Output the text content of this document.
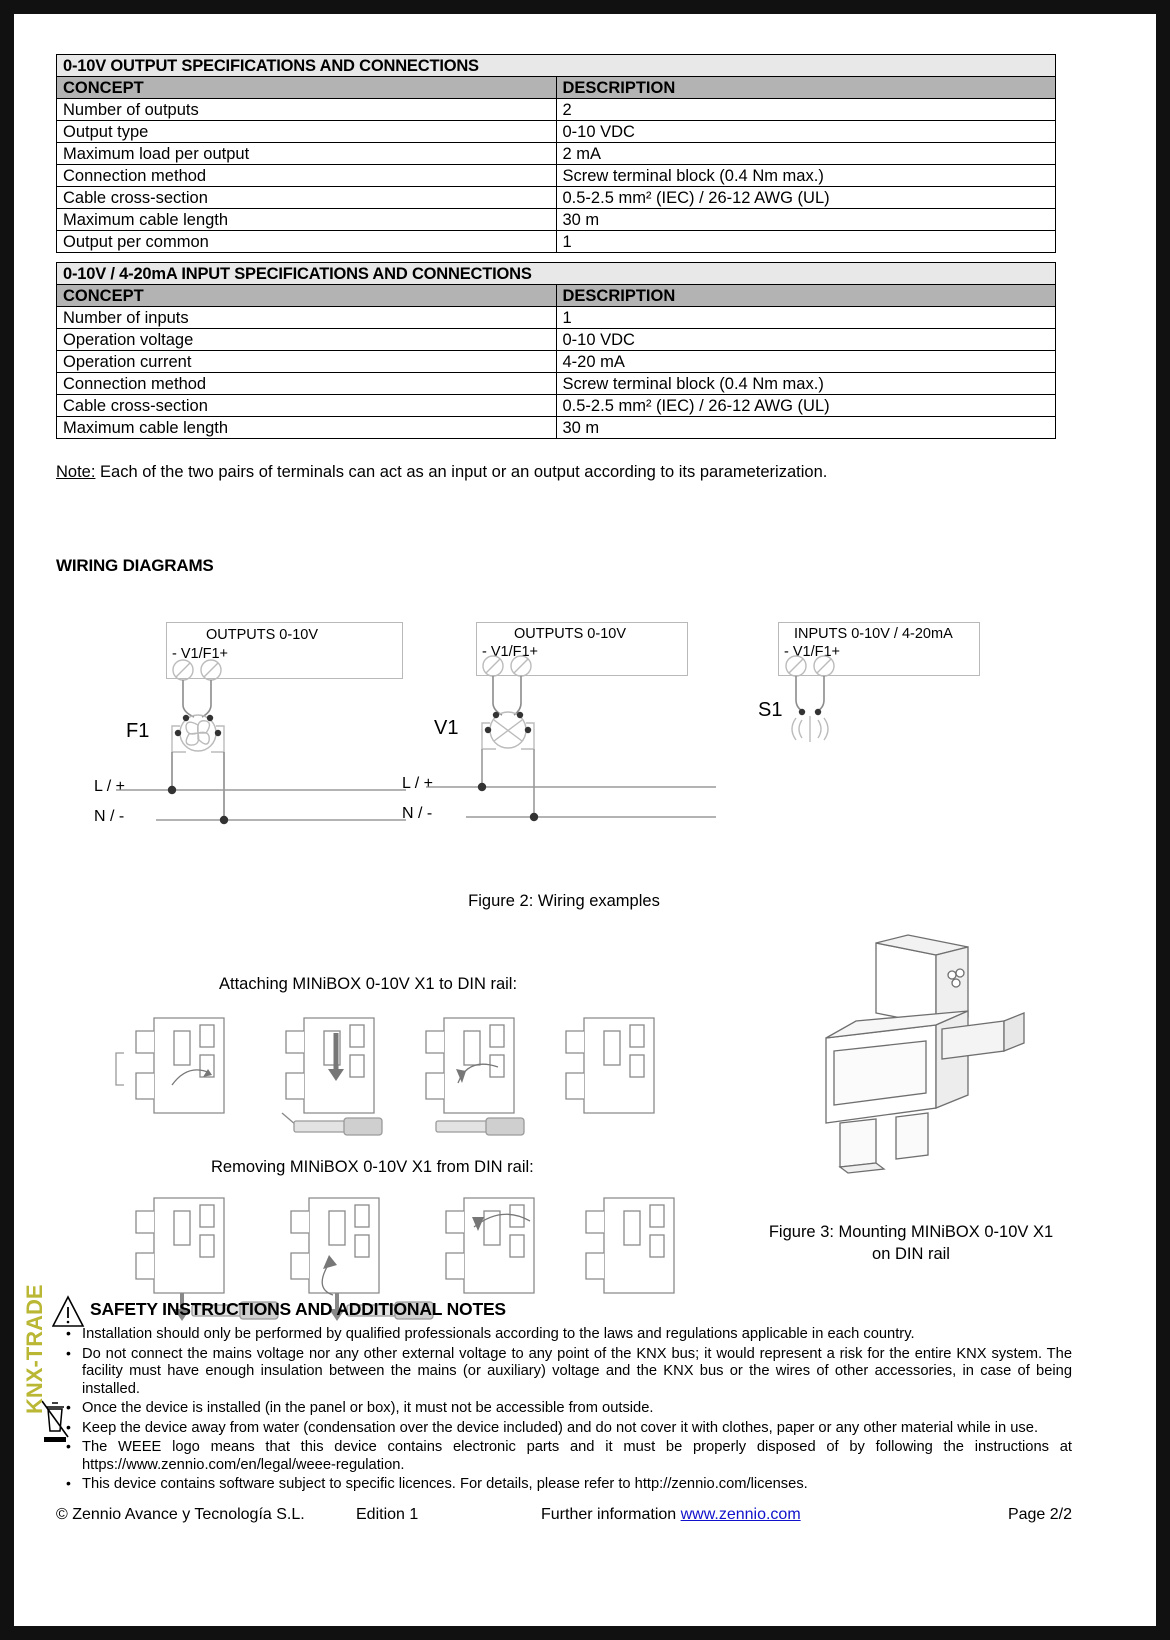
0-10V OUTPUT SPECIFICATIONS AND CONNECTIONS	
CONCEPT	DESCRIPTION
Number of outputs	2
Output type	0-10 VDC
Maximum load per output	2 mA
Connection method	Screw terminal block (0.4 Nm max.)
Cable cross-section	0.5-2.5 mm² (IEC) / 26-12 AWG (UL)
Maximum cable length	30 m
Output per common	1
0-10V / 4-20mA INPUT SPECIFICATIONS AND CONNECTIONS	
CONCEPT	DESCRIPTION
Number of inputs	1
Operation voltage	0-10 VDC
Operation current	4-20 mA
Connection method	Screw terminal block (0.4 Nm max.)
Cable cross-section	0.5-2.5 mm² (IEC) / 26-12 AWG (UL)
Maximum cable length	30 m
Note: Each of the two pairs of terminals can act as an input or an output according to its parameterization.
WIRING DIAGRAMS
OUTPUTS 0-10V
- V1/F1+
F1
L / +
N / -
OUTPUTS 0-10V
- V1/F1+
V1
L / +
N / -
INPUTS 0-10V / 4-20mA
- V1/F1+
S1
Figure 2: Wiring examples
Attaching MINiBOX 0-10V X1 to DIN rail:
Removing MINiBOX 0-10V X1 from DIN rail:
Figure 3: Mounting MINiBOX 0-10V X1
on DIN rail
SAFETY INSTRUCTIONS AND ADDITIONAL NOTES
• Installation should only be performed by qualified professionals according to the laws and regulations applicable in each country.
• Do not connect the mains voltage nor any other external voltage to any point of the KNX bus; it would represent a risk for the entire KNX system. The facility must have enough insulation between the mains (or auxiliary) voltage and the KNX bus or the wires of other accessories, in case of being installed.
• Once the device is installed (in the panel or box), it must not be accessible from outside.
• Keep the device away from water (condensation over the device included) and do not cover it with clothes, paper or any other material while in use.
• The WEEE logo means that this device contains electronic parts and it must be properly disposed of by following the instructions at https://www.zennio.com/en/legal/weee-regulation.
• This device contains software subject to specific licences. For details, please refer to http://zennio.com/licenses.
© Zennio Avance y Tecnología S.L.	Edition 1	Further information www.zennio.com	Page 2/2
KNX-TRADE
